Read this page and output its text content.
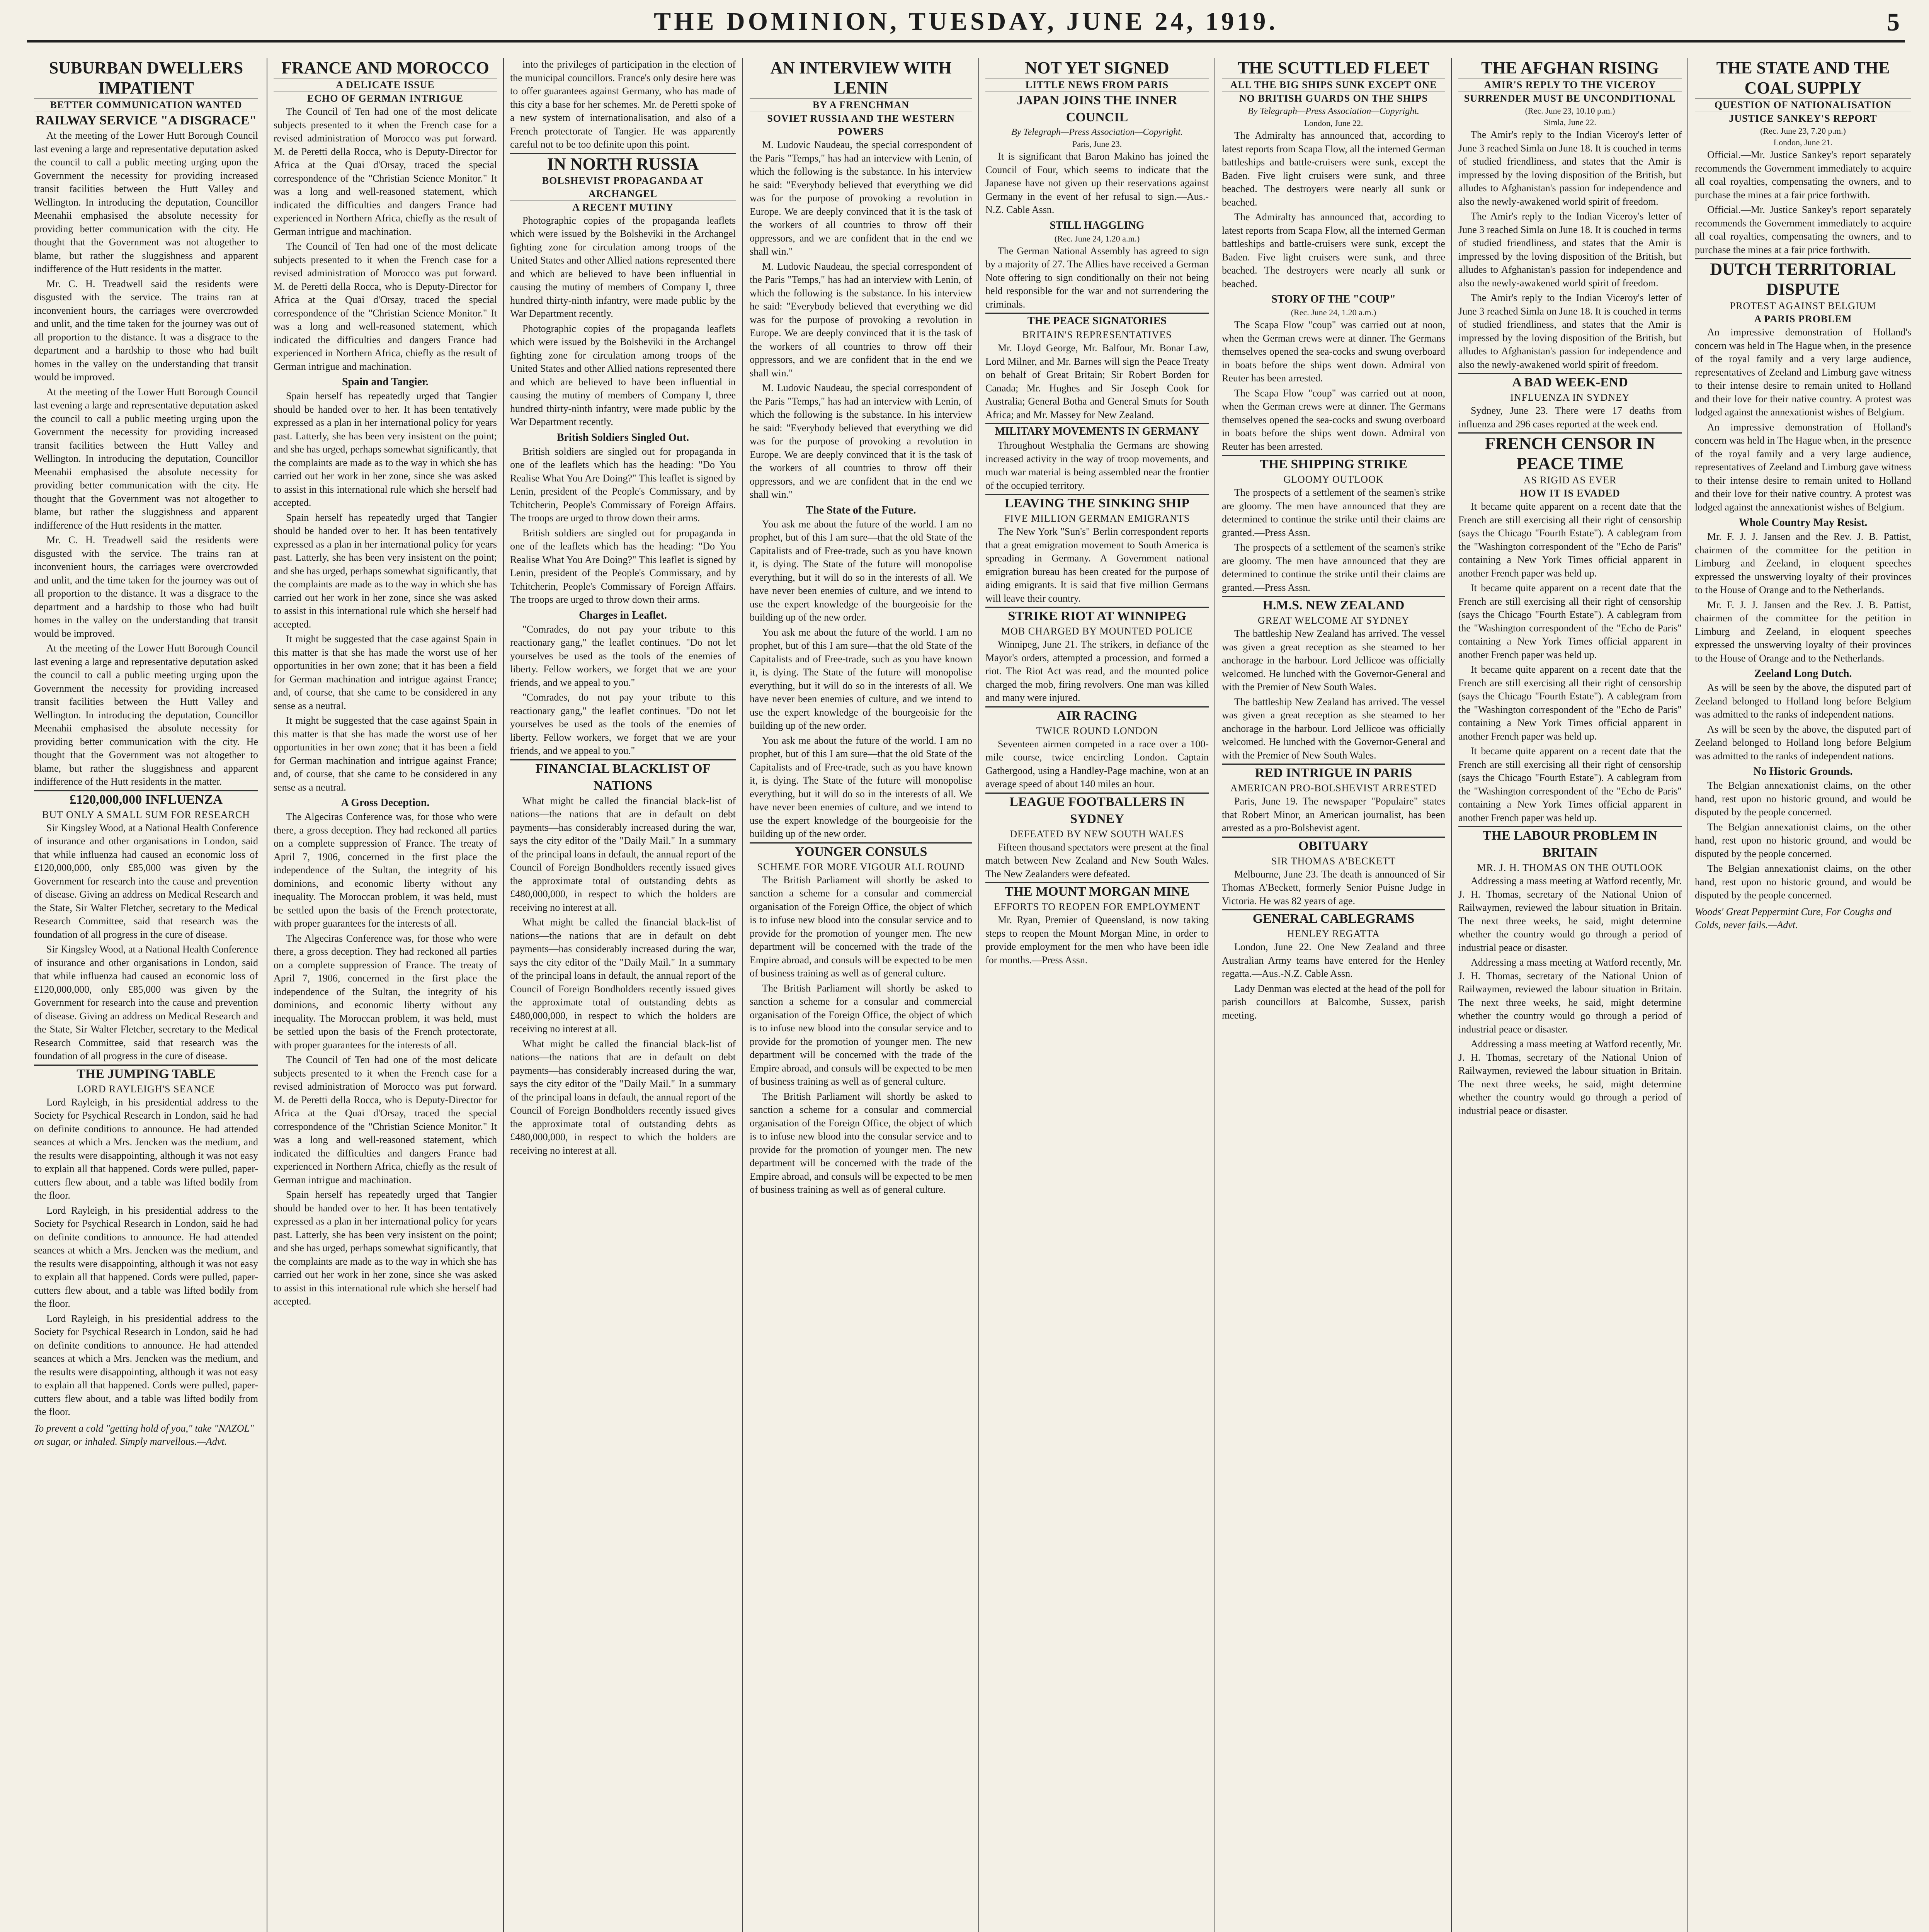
THE DOMINION, TUESDAY, JUNE 24, 1919.	5
SUBURBAN DWELLERS IMPATIENT
BETTER COMMUNICATION WANTED
RAILWAY SERVICE "A DISGRACE"

At the meeting of the Lower Hutt Borough Council last evening a large and representative deputation asked the council to call a public meeting urging upon the Government the necessity for providing increased transit facilities between the Hutt Valley and Wellington. In introducing the deputation, Councillor Meenahii emphasised the absolute necessity for providing better communication with the city. He thought that the Government was not altogether to blame, but rather the sluggishness and apparent indifference of the Hutt residents in the matter.

Mr. C. H. Treadwell said the residents were disgusted with the service. The trains ran at inconvenient hours, the carriages were overcrowded and unlit, and the time taken for the journey was out of all proportion to the distance. It was a disgrace to the department and a hardship to those who had built homes in the valley on the understanding that transit would be improved.

At the meeting of the Lower Hutt Borough Council last evening a large and representative deputation asked the council to call a public meeting urging upon the Government the necessity for providing increased transit facilities between the Hutt Valley and Wellington. In introducing the deputation, Councillor Meenahii emphasised the absolute necessity for providing better communication with the city. He thought that the Government was not altogether to blame, but rather the sluggishness and apparent indifference of the Hutt residents in the matter.

Mr. C. H. Treadwell said the residents were disgusted with the service. The trains ran at inconvenient hours, the carriages were overcrowded and unlit, and the time taken for the journey was out of all proportion to the distance. It was a disgrace to the department and a hardship to those who had built homes in the valley on the understanding that transit would be improved.

At the meeting of the Lower Hutt Borough Council last evening a large and representative deputation asked the council to call a public meeting urging upon the Government the necessity for providing increased transit facilities between the Hutt Valley and Wellington. In introducing the deputation, Councillor Meenahii emphasised the absolute necessity for providing better communication with the city. He thought that the Government was not altogether to blame, but rather the sluggishness and apparent indifference of the Hutt residents in the matter.

£120,000,000 INFLUENZA
BUT ONLY A SMALL SUM FOR RESEARCH

Sir Kingsley Wood, at a National Health Conference of insurance and other organisations in London, said that while influenza had caused an economic loss of £120,000,000, only £85,000 was given by the Government for research into the cause and prevention of disease. Giving an address on Medical Research and the State, Sir Walter Fletcher, secretary to the Medical Research Committee, said that research was the foundation of all progress in the cure of disease.

Sir Kingsley Wood, at a National Health Conference of insurance and other organisations in London, said that while influenza had caused an economic loss of £120,000,000, only £85,000 was given by the Government for research into the cause and prevention of disease. Giving an address on Medical Research and the State, Sir Walter Fletcher, secretary to the Medical Research Committee, said that research was the foundation of all progress in the cure of disease.

THE JUMPING TABLE
LORD RAYLEIGH'S SEANCE

Lord Rayleigh, in his presidential address to the Society for Psychical Research in London, said he had on definite conditions to announce. He had attended seances at which a Mrs. Jencken was the medium, and the results were disappointing, although it was not easy to explain all that happened. Cords were pulled, paper-cutters flew about, and a table was lifted bodily from the floor.

Lord Rayleigh, in his presidential address to the Society for Psychical Research in London, said he had on definite conditions to announce. He had attended seances at which a Mrs. Jencken was the medium, and the results were disappointing, although it was not easy to explain all that happened. Cords were pulled, paper-cutters flew about, and a table was lifted bodily from the floor.

Lord Rayleigh, in his presidential address to the Society for Psychical Research in London, said he had on definite conditions to announce. He had attended seances at which a Mrs. Jencken was the medium, and the results were disappointing, although it was not easy to explain all that happened. Cords were pulled, paper-cutters flew about, and a table was lifted bodily from the floor.

To prevent a cold "getting hold of you," take "NAZOL" on sugar, or inhaled. Simply marvellous.—Advt.

FRANCE AND MOROCCO
A DELICATE ISSUE
ECHO OF GERMAN INTRIGUE

The Council of Ten had one of the most delicate subjects presented to it when the French case for a revised administration of Morocco was put forward. M. de Peretti della Rocca, who is Deputy-Director for Africa at the Quai d'Orsay, traced the special correspondence of the "Christian Science Monitor." It was a long and well-reasoned statement, which indicated the difficulties and dangers France had experienced in Northern Africa, chiefly as the result of German intrigue and machination.

The Council of Ten had one of the most delicate subjects presented to it when the French case for a revised administration of Morocco was put forward. M. de Peretti della Rocca, who is Deputy-Director for Africa at the Quai d'Orsay, traced the special correspondence of the "Christian Science Monitor." It was a long and well-reasoned statement, which indicated the difficulties and dangers France had experienced in Northern Africa, chiefly as the result of German intrigue and machination.

Spain and Tangier.

Spain herself has repeatedly urged that Tangier should be handed over to her. It has been tentatively expressed as a plan in her international policy for years past. Latterly, she has been very insistent on the point; and she has urged, perhaps somewhat significantly, that the complaints are made as to the way in which she has carried out her work in her zone, since she was asked to assist in this international rule which she herself had accepted.

Spain herself has repeatedly urged that Tangier should be handed over to her. It has been tentatively expressed as a plan in her international policy for years past. Latterly, she has been very insistent on the point; and she has urged, perhaps somewhat significantly, that the complaints are made as to the way in which she has carried out her work in her zone, since she was asked to assist in this international rule which she herself had accepted.

It might be suggested that the case against Spain in this matter is that she has made the worst use of her opportunities in her own zone; that it has been a field for German machination and intrigue against France; and, of course, that she came to be considered in any sense as a neutral.

It might be suggested that the case against Spain in this matter is that she has made the worst use of her opportunities in her own zone; that it has been a field for German machination and intrigue against France; and, of course, that she came to be considered in any sense as a neutral.

A Gross Deception.

The Algeciras Conference was, for those who were there, a gross deception. They had reckoned all parties on a complete suppression of France. The treaty of April 7, 1906, concerned in the first place the independence of the Sultan, the integrity of his dominions, and economic liberty without any inequality. The Moroccan problem, it was held, must be settled upon the basis of the French protectorate, with proper guarantees for the interests of all.

The Algeciras Conference was, for those who were there, a gross deception. They had reckoned all parties on a complete suppression of France. The treaty of April 7, 1906, concerned in the first place the independence of the Sultan, the integrity of his dominions, and economic liberty without any inequality. The Moroccan problem, it was held, must be settled upon the basis of the French protectorate, with proper guarantees for the interests of all.

The Council of Ten had one of the most delicate subjects presented to it when the French case for a revised administration of Morocco was put forward. M. de Peretti della Rocca, who is Deputy-Director for Africa at the Quai d'Orsay, traced the special correspondence of the "Christian Science Monitor." It was a long and well-reasoned statement, which indicated the difficulties and dangers France had experienced in Northern Africa, chiefly as the result of German intrigue and machination.

Spain herself has repeatedly urged that Tangier should be handed over to her. It has been tentatively expressed as a plan in her international policy for years past. Latterly, she has been very insistent on the point; and she has urged, perhaps somewhat significantly, that the complaints are made as to the way in which she has carried out her work in her zone, since she was asked to assist in this international rule which she herself had accepted.

into the privileges of participation in the election of the municipal councillors. France's only desire here was to offer guarantees against Germany, who has made of this city a base for her schemes. Mr. de Peretti spoke of a new system of internationalisation, and also of a French protectorate of Tangier. He was apparently careful not to be too definite upon this point.

IN NORTH RUSSIA
BOLSHEVIST PROPAGANDA AT ARCHANGEL
A RECENT MUTINY

Photographic copies of the propaganda leaflets which were issued by the Bolsheviki in the Archangel fighting zone for circulation among troops of the United States and other Allied nations represented there and which are believed to have been influential in causing the mutiny of members of Company I, three hundred thirty-ninth infantry, were made public by the War Department recently.

Photographic copies of the propaganda leaflets which were issued by the Bolsheviki in the Archangel fighting zone for circulation among troops of the United States and other Allied nations represented there and which are believed to have been influential in causing the mutiny of members of Company I, three hundred thirty-ninth infantry, were made public by the War Department recently.

British Soldiers Singled Out.

British soldiers are singled out for propaganda in one of the leaflets which has the heading: "Do You Realise What You Are Doing?" This leaflet is signed by Lenin, president of the People's Commissary, and by Tchitcherin, People's Commissary of Foreign Affairs. The troops are urged to throw down their arms.

British soldiers are singled out for propaganda in one of the leaflets which has the heading: "Do You Realise What You Are Doing?" This leaflet is signed by Lenin, president of the People's Commissary, and by Tchitcherin, People's Commissary of Foreign Affairs. The troops are urged to throw down their arms.

Charges in Leaflet.

"Comrades, do not pay your tribute to this reactionary gang," the leaflet continues. "Do not let yourselves be used as the tools of the enemies of liberty. Fellow workers, we forget that we are your friends, and we appeal to you."

"Comrades, do not pay your tribute to this reactionary gang," the leaflet continues. "Do not let yourselves be used as the tools of the enemies of liberty. Fellow workers, we forget that we are your friends, and we appeal to you."

FINANCIAL BLACKLIST OF NATIONS

What might be called the financial black-list of nations—the nations that are in default on debt payments—has considerably increased during the war, says the city editor of the "Daily Mail." In a summary of the principal loans in default, the annual report of the Council of Foreign Bondholders recently issued gives the approximate total of outstanding debts as £480,000,000, in respect to which the holders are receiving no interest at all.

What might be called the financial black-list of nations—the nations that are in default on debt payments—has considerably increased during the war, says the city editor of the "Daily Mail." In a summary of the principal loans in default, the annual report of the Council of Foreign Bondholders recently issued gives the approximate total of outstanding debts as £480,000,000, in respect to which the holders are receiving no interest at all.

What might be called the financial black-list of nations—the nations that are in default on debt payments—has considerably increased during the war, says the city editor of the "Daily Mail." In a summary of the principal loans in default, the annual report of the Council of Foreign Bondholders recently issued gives the approximate total of outstanding debts as £480,000,000, in respect to which the holders are receiving no interest at all.

AN INTERVIEW WITH LENIN
BY A FRENCHMAN
SOVIET RUSSIA AND THE WESTERN POWERS

M. Ludovic Naudeau, the special correspondent of the Paris "Temps," has had an interview with Lenin, of which the following is the substance. In his interview he said: "Everybody believed that everything we did was for the purpose of provoking a revolution in Europe. We are deeply convinced that it is the task of the workers of all countries to throw off their oppressors, and we are confident that in the end we shall win."

M. Ludovic Naudeau, the special correspondent of the Paris "Temps," has had an interview with Lenin, of which the following is the substance. In his interview he said: "Everybody believed that everything we did was for the purpose of provoking a revolution in Europe. We are deeply convinced that it is the task of the workers of all countries to throw off their oppressors, and we are confident that in the end we shall win."

M. Ludovic Naudeau, the special correspondent of the Paris "Temps," has had an interview with Lenin, of which the following is the substance. In his interview he said: "Everybody believed that everything we did was for the purpose of provoking a revolution in Europe. We are deeply convinced that it is the task of the workers of all countries to throw off their oppressors, and we are confident that in the end we shall win."

The State of the Future.

You ask me about the future of the world. I am no prophet, but of this I am sure—that the old State of the Capitalists and of Free-trade, such as you have known it, is dying. The State of the future will monopolise everything, but it will do so in the interests of all. We have never been enemies of culture, and we intend to use the expert knowledge of the bourgeoisie for the building up of the new order.

You ask me about the future of the world. I am no prophet, but of this I am sure—that the old State of the Capitalists and of Free-trade, such as you have known it, is dying. The State of the future will monopolise everything, but it will do so in the interests of all. We have never been enemies of culture, and we intend to use the expert knowledge of the bourgeoisie for the building up of the new order.

You ask me about the future of the world. I am no prophet, but of this I am sure—that the old State of the Capitalists and of Free-trade, such as you have known it, is dying. The State of the future will monopolise everything, but it will do so in the interests of all. We have never been enemies of culture, and we intend to use the expert knowledge of the bourgeoisie for the building up of the new order.

YOUNGER CONSULS
SCHEME FOR MORE VIGOUR ALL ROUND

The British Parliament will shortly be asked to sanction a scheme for a consular and commercial organisation of the Foreign Office, the object of which is to infuse new blood into the consular service and to provide for the promotion of younger men. The new department will be concerned with the trade of the Empire abroad, and consuls will be expected to be men of business training as well as of general culture.

The British Parliament will shortly be asked to sanction a scheme for a consular and commercial organisation of the Foreign Office, the object of which is to infuse new blood into the consular service and to provide for the promotion of younger men. The new department will be concerned with the trade of the Empire abroad, and consuls will be expected to be men of business training as well as of general culture.

The British Parliament will shortly be asked to sanction a scheme for a consular and commercial organisation of the Foreign Office, the object of which is to infuse new blood into the consular service and to provide for the promotion of younger men. The new department will be concerned with the trade of the Empire abroad, and consuls will be expected to be men of business training as well as of general culture.

NOT YET SIGNED
LITTLE NEWS FROM PARIS
JAPAN JOINS THE INNER COUNCIL
By Telegraph—Press Association—Copyright.
Paris, June 23.

It is significant that Baron Makino has joined the Council of Four, which seems to indicate that the Japanese have not given up their reservations against Germany in the event of her refusal to sign.—Aus.-N.Z. Cable Assn.

STILL HAGGLING
(Rec. June 24, 1.20 a.m.)

The German National Assembly has agreed to sign by a majority of 27. The Allies have received a German Note offering to sign conditionally on their not being held responsible for the war and not surrendering the criminals.

THE PEACE SIGNATORIES
BRITAIN'S REPRESENTATIVES

Mr. Lloyd George, Mr. Balfour, Mr. Bonar Law, Lord Milner, and Mr. Barnes will sign the Peace Treaty on behalf of Great Britain; Sir Robert Borden for Canada; Mr. Hughes and Sir Joseph Cook for Australia; General Botha and General Smuts for South Africa; and Mr. Massey for New Zealand.

MILITARY MOVEMENTS IN GERMANY

Throughout Westphalia the Germans are showing increased activity in the way of troop movements, and much war material is being assembled near the frontier of the occupied territory.

LEAVING THE SINKING SHIP
FIVE MILLION GERMAN EMIGRANTS

The New York "Sun's" Berlin correspondent reports that a great emigration movement to South America is spreading in Germany. A Government national emigration bureau has been created for the purpose of aiding emigrants. It is said that five million Germans will leave their country.

STRIKE RIOT AT WINNIPEG
MOB CHARGED BY MOUNTED POLICE

Winnipeg, June 21. The strikers, in defiance of the Mayor's orders, attempted a procession, and formed a riot. The Riot Act was read, and the mounted police charged the mob, firing revolvers. One man was killed and many were injured.

AIR RACING
TWICE ROUND LONDON

Seventeen airmen competed in a race over a 100-mile course, twice encircling London. Captain Gathergood, using a Handley-Page machine, won at an average speed of about 140 miles an hour.

LEAGUE FOOTBALLERS IN SYDNEY
DEFEATED BY NEW SOUTH WALES

Fifteen thousand spectators were present at the final match between New Zealand and New South Wales. The New Zealanders were defeated.

THE MOUNT MORGAN MINE
EFFORTS TO REOPEN FOR EMPLOYMENT

Mr. Ryan, Premier of Queensland, is now taking steps to reopen the Mount Morgan Mine, in order to provide employment for the men who have been idle for months.—Press Assn.

THE SCUTTLED FLEET
ALL THE BIG SHIPS SUNK EXCEPT ONE
NO BRITISH GUARDS ON THE SHIPS
By Telegraph—Press Association—Copyright.
London, June 22.

The Admiralty has announced that, according to latest reports from Scapa Flow, all the interned German battleships and battle-cruisers were sunk, except the Baden. Five light cruisers were sunk, and three beached. The destroyers were nearly all sunk or beached.

The Admiralty has announced that, according to latest reports from Scapa Flow, all the interned German battleships and battle-cruisers were sunk, except the Baden. Five light cruisers were sunk, and three beached. The destroyers were nearly all sunk or beached.

STORY OF THE "COUP"
(Rec. June 24, 1.20 a.m.)

The Scapa Flow "coup" was carried out at noon, when the German crews were at dinner. The Germans themselves opened the sea-cocks and swung overboard in boats before the ships went down. Admiral von Reuter has been arrested.

The Scapa Flow "coup" was carried out at noon, when the German crews were at dinner. The Germans themselves opened the sea-cocks and swung overboard in boats before the ships went down. Admiral von Reuter has been arrested.

THE SHIPPING STRIKE
GLOOMY OUTLOOK

The prospects of a settlement of the seamen's strike are gloomy. The men have announced that they are determined to continue the strike until their claims are granted.—Press Assn.

The prospects of a settlement of the seamen's strike are gloomy. The men have announced that they are determined to continue the strike until their claims are granted.—Press Assn.

H.M.S. NEW ZEALAND
GREAT WELCOME AT SYDNEY

The battleship New Zealand has arrived. The vessel was given a great reception as she steamed to her anchorage in the harbour. Lord Jellicoe was officially welcomed. He lunched with the Governor-General and with the Premier of New South Wales.

The battleship New Zealand has arrived. The vessel was given a great reception as she steamed to her anchorage in the harbour. Lord Jellicoe was officially welcomed. He lunched with the Governor-General and with the Premier of New South Wales.

RED INTRIGUE IN PARIS
AMERICAN PRO-BOLSHEVIST ARRESTED

Paris, June 19. The newspaper "Populaire" states that Robert Minor, an American journalist, has been arrested as a pro-Bolshevist agent.

OBITUARY
SIR THOMAS A'BECKETT

Melbourne, June 23. The death is announced of Sir Thomas A'Beckett, formerly Senior Puisne Judge in Victoria. He was 82 years of age.

GENERAL CABLEGRAMS
HENLEY REGATTA

London, June 22. One New Zealand and three Australian Army teams have entered for the Henley regatta.—Aus.-N.Z. Cable Assn.

Lady Denman was elected at the head of the poll for parish councillors at Balcombe, Sussex, parish meeting.

THE AFGHAN RISING
AMIR'S REPLY TO THE VICEROY
SURRENDER MUST BE UNCONDITIONAL
(Rec. June 23, 10.10 p.m.)
Simla, June 22.

The Amir's reply to the Indian Viceroy's letter of June 3 reached Simla on June 18. It is couched in terms of studied friendliness, and states that the Amir is impressed by the loving disposition of the British, but alludes to Afghanistan's passion for independence and also the newly-awakened world spirit of freedom.

The Amir's reply to the Indian Viceroy's letter of June 3 reached Simla on June 18. It is couched in terms of studied friendliness, and states that the Amir is impressed by the loving disposition of the British, but alludes to Afghanistan's passion for independence and also the newly-awakened world spirit of freedom.

The Amir's reply to the Indian Viceroy's letter of June 3 reached Simla on June 18. It is couched in terms of studied friendliness, and states that the Amir is impressed by the loving disposition of the British, but alludes to Afghanistan's passion for independence and also the newly-awakened world spirit of freedom.

A BAD WEEK-END
INFLUENZA IN SYDNEY

Sydney, June 23. There were 17 deaths from influenza and 296 cases reported at the week end.

FRENCH CENSOR IN PEACE TIME
AS RIGID AS EVER
HOW IT IS EVADED

It became quite apparent on a recent date that the French are still exercising all their right of censorship (says the Chicago "Fourth Estate"). A cablegram from the "Washington correspondent of the "Echo de Paris" containing a New York Times official apparent in another French paper was held up.

It became quite apparent on a recent date that the French are still exercising all their right of censorship (says the Chicago "Fourth Estate"). A cablegram from the "Washington correspondent of the "Echo de Paris" containing a New York Times official apparent in another French paper was held up.

It became quite apparent on a recent date that the French are still exercising all their right of censorship (says the Chicago "Fourth Estate"). A cablegram from the "Washington correspondent of the "Echo de Paris" containing a New York Times official apparent in another French paper was held up.

It became quite apparent on a recent date that the French are still exercising all their right of censorship (says the Chicago "Fourth Estate"). A cablegram from the "Washington correspondent of the "Echo de Paris" containing a New York Times official apparent in another French paper was held up.

THE LABOUR PROBLEM IN BRITAIN
MR. J. H. THOMAS ON THE OUTLOOK

Addressing a mass meeting at Watford recently, Mr. J. H. Thomas, secretary of the National Union of Railwaymen, reviewed the labour situation in Britain. The next three weeks, he said, might determine whether the country would go through a period of industrial peace or disaster.

Addressing a mass meeting at Watford recently, Mr. J. H. Thomas, secretary of the National Union of Railwaymen, reviewed the labour situation in Britain. The next three weeks, he said, might determine whether the country would go through a period of industrial peace or disaster.

Addressing a mass meeting at Watford recently, Mr. J. H. Thomas, secretary of the National Union of Railwaymen, reviewed the labour situation in Britain. The next three weeks, he said, might determine whether the country would go through a period of industrial peace or disaster.

THE STATE AND THE COAL SUPPLY
QUESTION OF NATIONALISATION
JUSTICE SANKEY'S REPORT
(Rec. June 23, 7.20 p.m.)
London, June 21.

Official.—Mr. Justice Sankey's report separately recommends the Government immediately to acquire all coal royalties, compensating the owners, and to purchase the mines at a fair price forthwith.

Official.—Mr. Justice Sankey's report separately recommends the Government immediately to acquire all coal royalties, compensating the owners, and to purchase the mines at a fair price forthwith.

DUTCH TERRITORIAL DISPUTE
PROTEST AGAINST BELGIUM
A PARIS PROBLEM

An impressive demonstration of Holland's concern was held in The Hague when, in the presence of the royal family and a very large audience, representatives of Zeeland and Limburg gave witness to their intense desire to remain united to Holland and their love for their native country. A protest was lodged against the annexationist wishes of Belgium.

An impressive demonstration of Holland's concern was held in The Hague when, in the presence of the royal family and a very large audience, representatives of Zeeland and Limburg gave witness to their intense desire to remain united to Holland and their love for their native country. A protest was lodged against the annexationist wishes of Belgium.

Whole Country May Resist.

Mr. F. J. J. Jansen and the Rev. J. B. Pattist, chairmen of the committee for the petition in Limburg and Zeeland, in eloquent speeches expressed the unswerving loyalty of their provinces to the House of Orange and to the Netherlands.

Mr. F. J. J. Jansen and the Rev. J. B. Pattist, chairmen of the committee for the petition in Limburg and Zeeland, in eloquent speeches expressed the unswerving loyalty of their provinces to the House of Orange and to the Netherlands.

Zeeland Long Dutch.

As will be seen by the above, the disputed part of Zeeland belonged to Holland long before Belgium was admitted to the ranks of independent nations.

As will be seen by the above, the disputed part of Zeeland belonged to Holland long before Belgium was admitted to the ranks of independent nations.

No Historic Grounds.

The Belgian annexationist claims, on the other hand, rest upon no historic ground, and would be disputed by the people concerned.

The Belgian annexationist claims, on the other hand, rest upon no historic ground, and would be disputed by the people concerned.

The Belgian annexationist claims, on the other hand, rest upon no historic ground, and would be disputed by the people concerned.

Woods' Great Peppermint Cure, For Coughs and Colds, never fails.—Advt.
